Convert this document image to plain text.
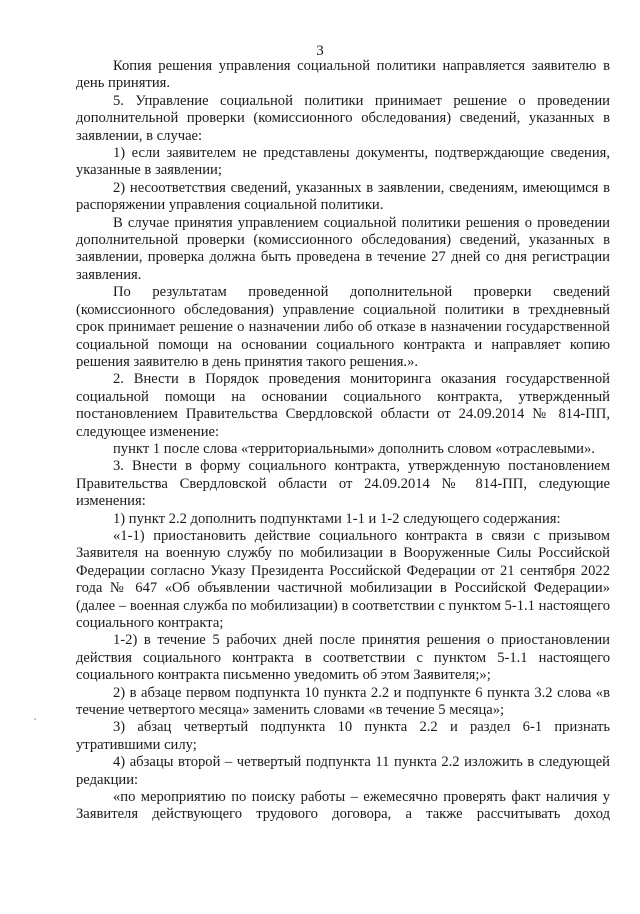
3

Копия решения управления социальной политики направляется заявителю в день принятия.

5. Управление социальной политики принимает решение о проведении дополнительной проверки (комиссионного обследования) сведений, указанных в заявлении, в случае:

1) если заявителем не представлены документы, подтверждающие сведения, указанные в заявлении;

2) несоответствия сведений, указанных в заявлении, сведениям, имеющимся в распоряжении управления социальной политики.

В случае принятия управлением социальной политики решения о проведении дополнительной проверки (комиссионного обследования) сведений, указанных в заявлении, проверка должна быть проведена в течение 27 дней со дня регистрации заявления.

По результатам проведенной дополнительной проверки сведений (комиссионного обследования) управление социальной политики в трехдневный срок принимает решение о назначении либо об отказе в назначении государственной социальной помощи на основании социального контракта и направляет копию решения заявителю в день принятия такого решения.».

2. Внести в Порядок проведения мониторинга оказания государственной социальной помощи на основании социального контракта, утвержденный постановлением Правительства Свердловской области от 24.09.2014 № 814-ПП, следующее изменение:

пункт 1 после слова «территориальными» дополнить словом «отраслевыми».

3. Внести в форму социального контракта, утвержденную постановлением Правительства Свердловской области от 24.09.2014 № 814-ПП, следующие изменения:

1) пункт 2.2 дополнить подпунктами 1-1 и 1-2 следующего содержания:

«1-1) приостановить действие социального контракта в связи с призывом Заявителя на военную службу по мобилизации в Вооруженные Силы Российской Федерации согласно Указу Президента Российской Федерации от 21 сентября 2022 года № 647 «Об объявлении частичной мобилизации в Российской Федерации» (далее – военная служба по мобилизации) в соответствии с пунктом 5-1.1 настоящего социального контракта;

1-2) в течение 5 рабочих дней после принятия решения о приостановлении действия социального контракта в соответствии с пунктом 5-1.1 настоящего социального контракта письменно уведомить об этом Заявителя;»;

2) в абзаце первом подпункта 10 пункта 2.2 и подпункте 6 пункта 3.2 слова «в течение четвертого месяца» заменить словами «в течение 5 месяца»;

3) абзац четвертый подпункта 10 пункта 2.2 и раздел 6-1 признать утратившими силу;

4) абзацы второй – четвертый подпункта 11 пункта 2.2 изложить в следующей редакции:

«по мероприятию по поиску работы – ежемесячно проверять факт наличия у Заявителя действующего трудового договора, а также рассчитывать доход
